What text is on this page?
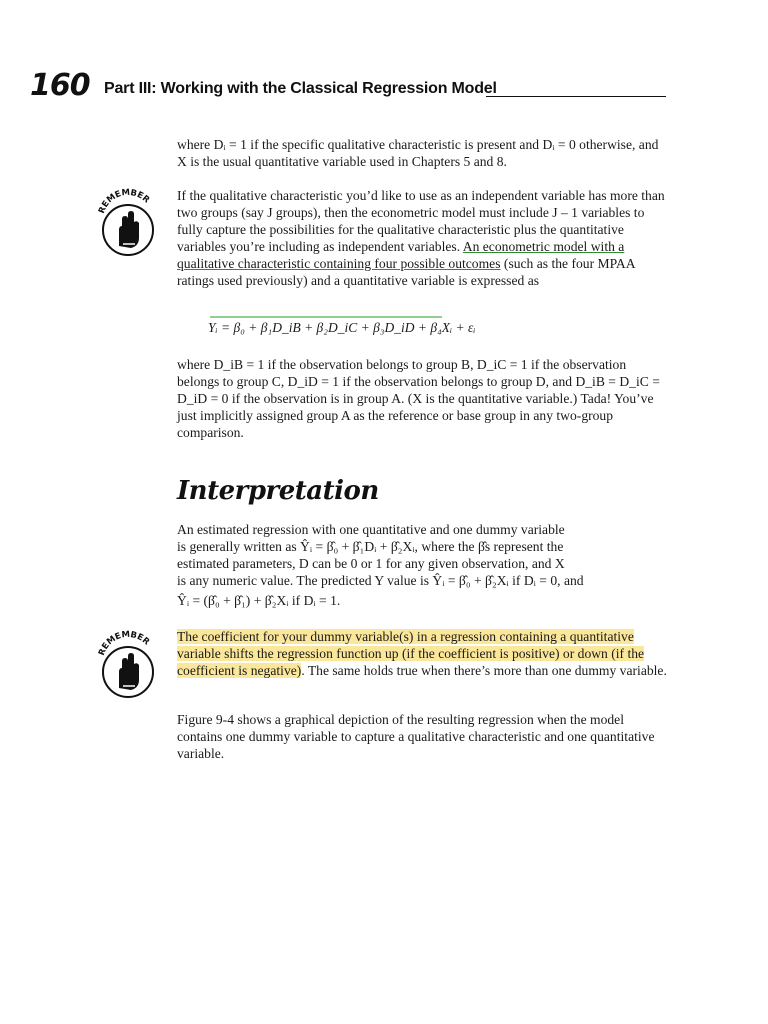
160 Part III: Working with the Classical Regression Model

where Dᵢ = 1 if the specific qualitative characteristic is present and Dᵢ = 0 otherwise, and X is the usual quantitative variable used in Chapters 5 and 8.

REMEMBER If the qualitative characteristic you’d like to use as an independent variable has more than two groups (say J groups), then the econometric model must include J – 1 variables to fully capture the possibilities for the qualitative characteristic plus the quantitative variables you’re including as independent variables. An econometric model with a qualitative characteristic containing four possible outcomes (such as the four MPAA ratings used previously) and a quantitative variable is expressed as

Yᵢ = β₀ + β₁D_iB + β₂D_iC + β₃D_iD + β₄Xᵢ + εᵢ

where D_iB = 1 if the observation belongs to group B, D_iC = 1 if the observation belongs to group C, D_iD = 1 if the observation belongs to group D, and D_iB = D_iC = D_iD = 0 if the observation is in group A. (X is the quantitative variable.) Tada! You’ve just implicitly assigned group A as the reference or base group in any two-group comparison.

Interpretation

An estimated regression with one quantitative and one dummy variable

is generally written as Ŷᵢ = β̂₀ + β̂₁Dᵢ + β̂₂Xᵢ, where the β̂s represent the

estimated parameters, D can be 0 or 1 for any given observation, and X

is any numeric value. The predicted Y value is Ŷᵢ = β̂₀ + β̂₂Xᵢ if Dᵢ = 0, and

Ŷᵢ = (β̂₀ + β̂₁) + β̂₂Xᵢ if Dᵢ = 1.

REMEMBER The coefficient for your dummy variable(s) in a regression containing a quantitative variable shifts the regression function up (if the coefficient is positive) or down (if the coefficient is negative). The same holds true when there’s more than one dummy variable.

Figure 9-4 shows a graphical depiction of the resulting regression when the model contains one dummy variable to capture a qualitative characteristic and one quantitative variable.
